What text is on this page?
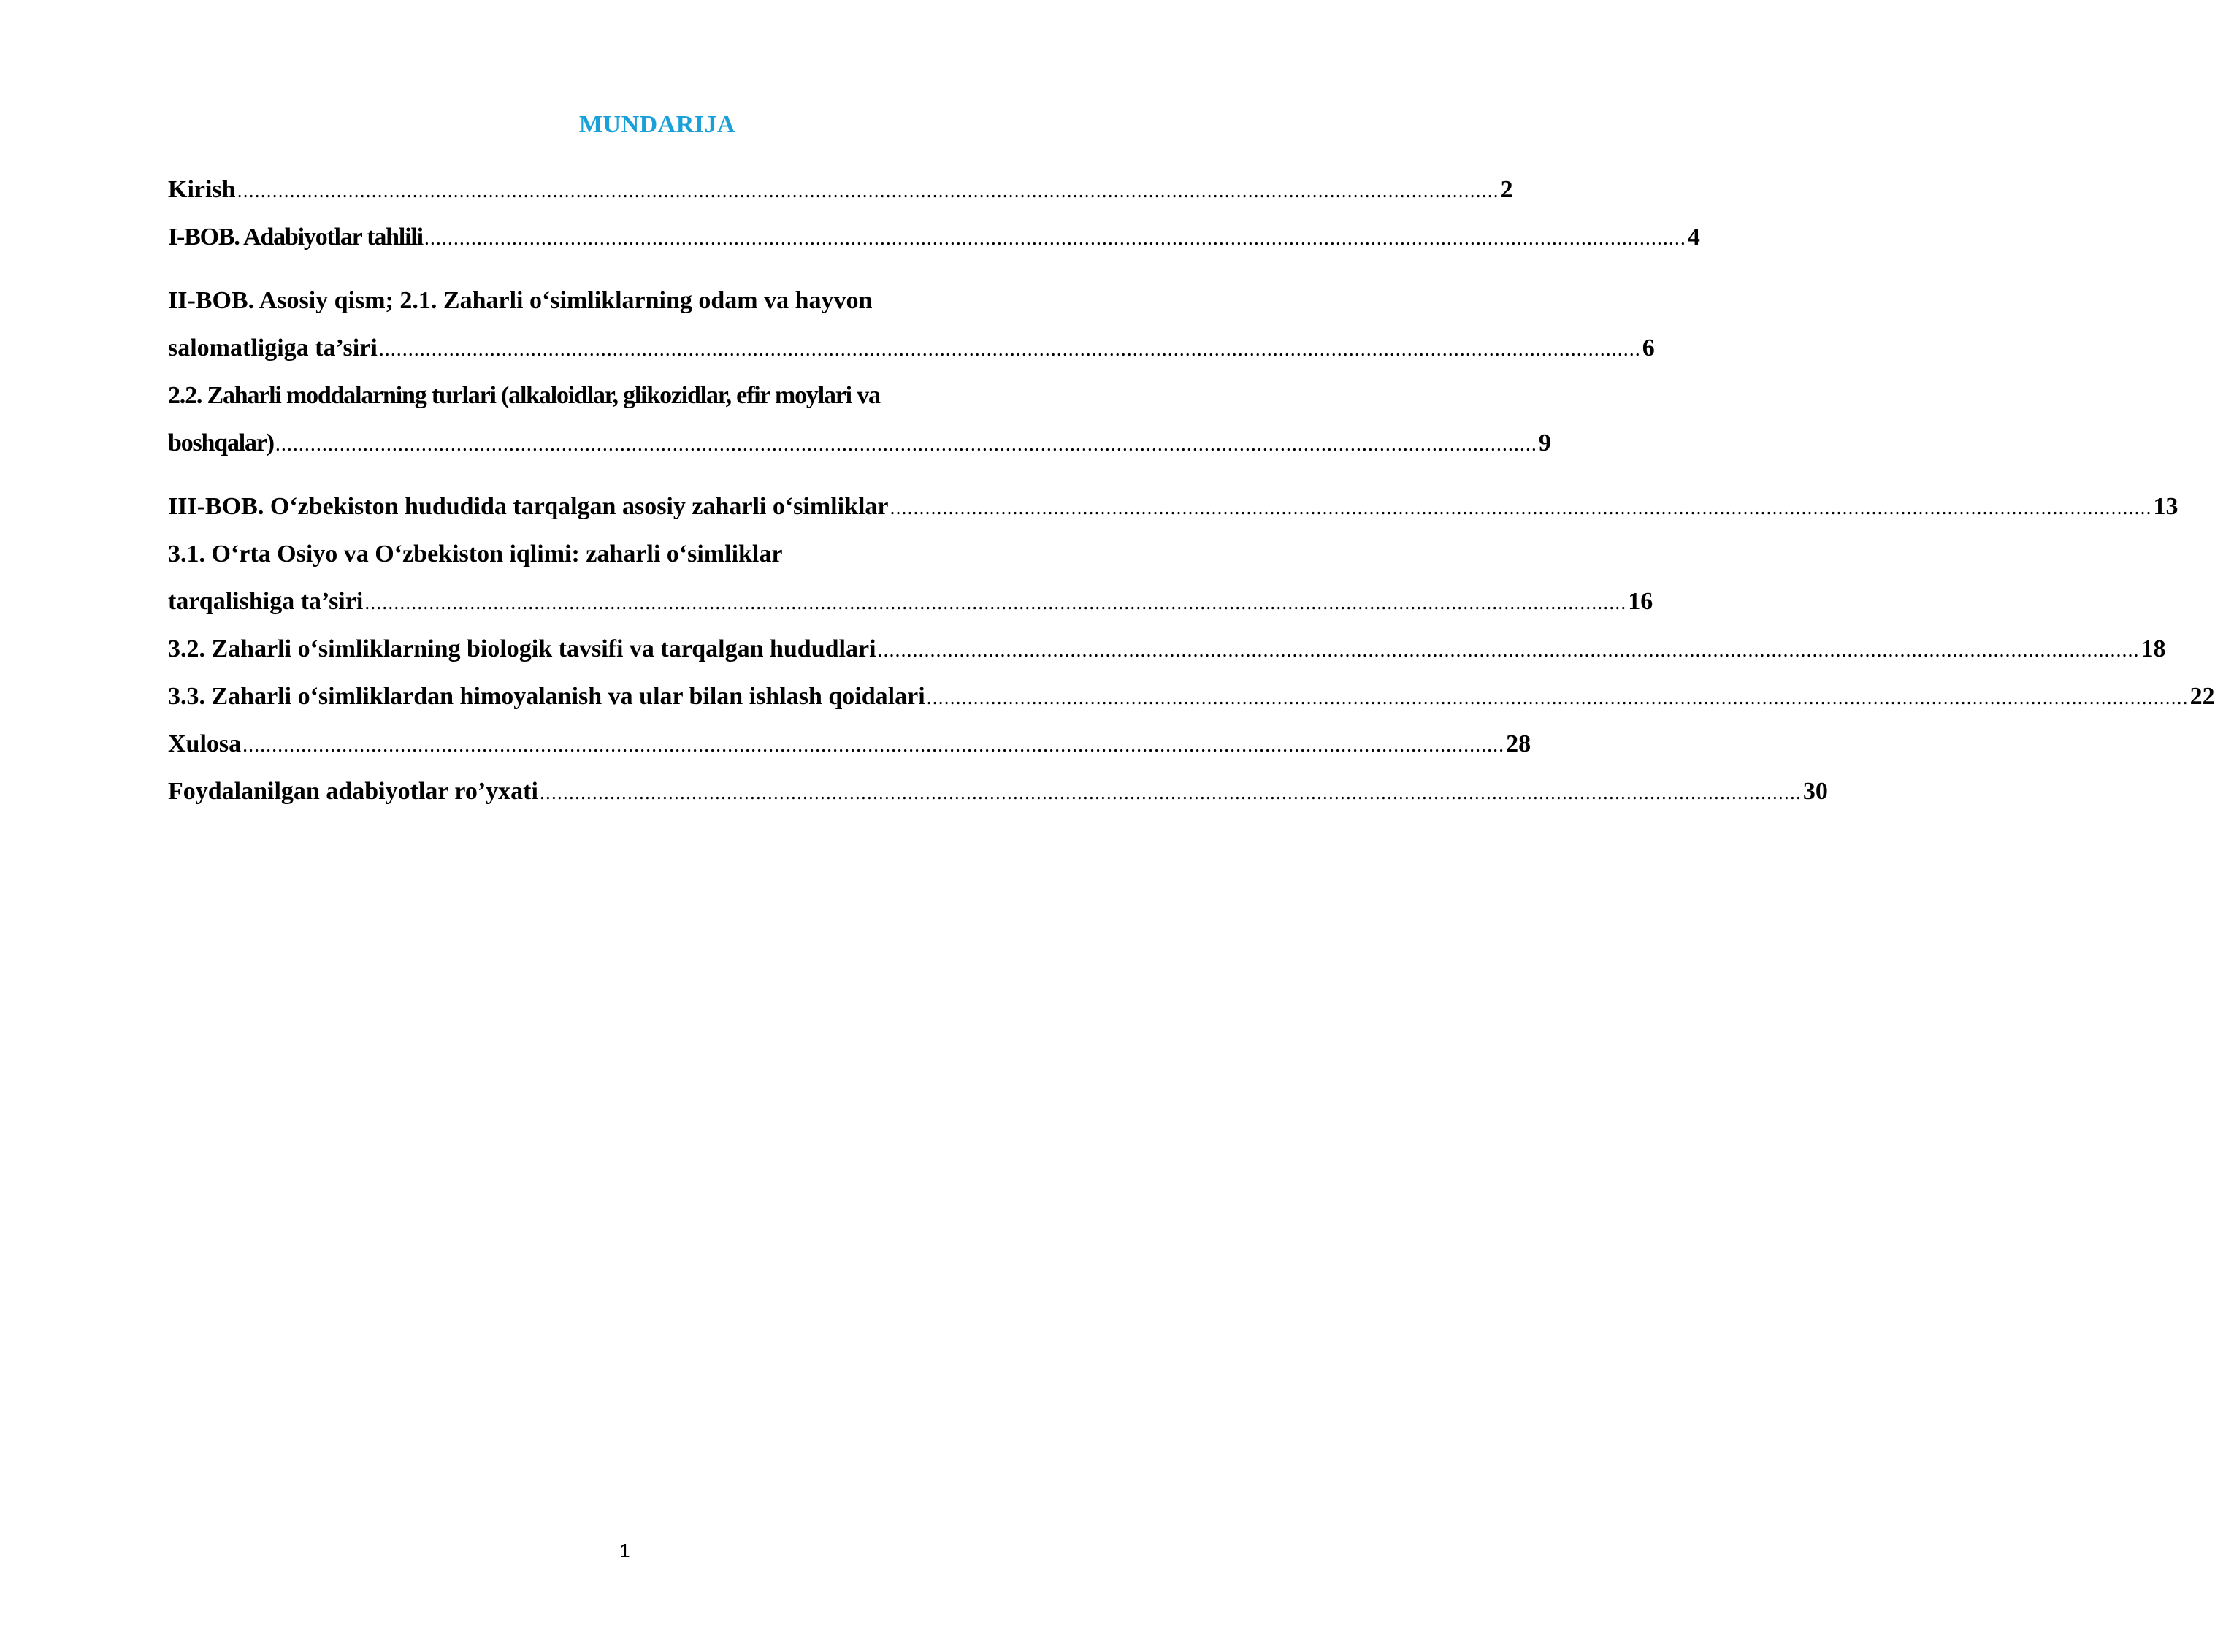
MUNDARIJA
Kirish ........................................................................................................................................................................................................................ 2
I-BOB. Adabiyotlar tahlili ........................................................................................................................................................................................................................ 4
II-BOB. Asosiy qism; 2.1. Zaharli o‘simliklarning odam va hayvon
salomatligiga ta’siri ........................................................................................................................................................................................................................ 6
2.2. Zaharli moddalarning turlari (alkaloidlar, glikozidlar, efir moylari va
boshqalar) ........................................................................................................................................................................................................................ 9
III-BOB. O‘zbekiston hududida tarqalgan asosiy zaharli o‘simliklar ........................................................................................................................................................................................................................ 13
3.1. O‘rta Osiyo va O‘zbekiston iqlimi: zaharli o‘simliklar
tarqalishiga ta’siri ........................................................................................................................................................................................................................ 16
3.2. Zaharli o‘simliklarning biologik tavsifi va tarqalgan hududlari ........................................................................................................................................................................................................................ 18
3.3. Zaharli o‘simliklardan himoyalanish va ular bilan ishlash qoidalari ........................................................................................................................................................................................................................ 22
Xulosa ........................................................................................................................................................................................................................ 28
Foydalanilgan adabiyotlar ro’yxati ........................................................................................................................................................................................................................ 30
1
